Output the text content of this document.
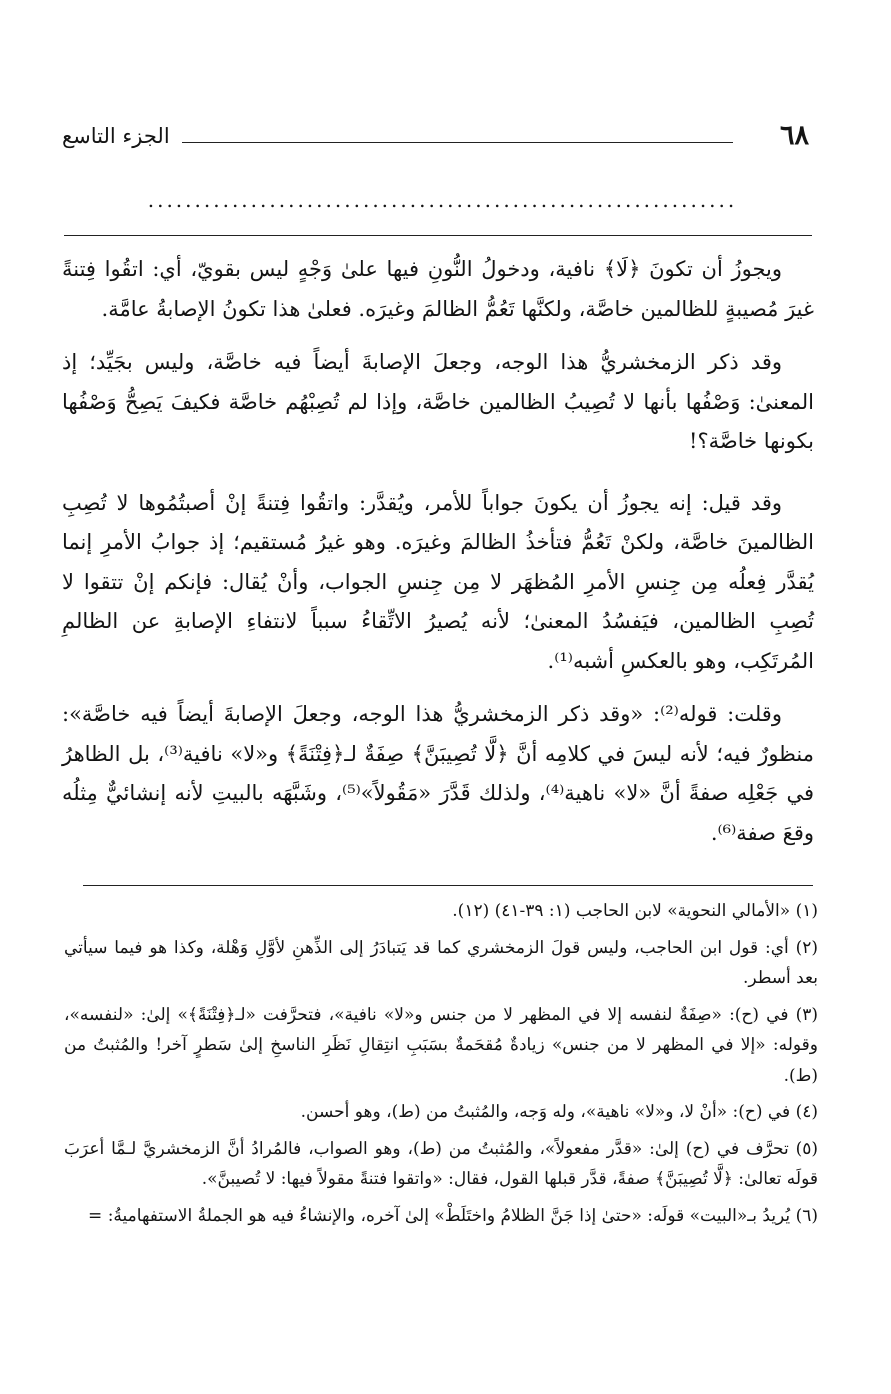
٦٨
الجزء التاسع
...............................................................

ويجوزُ أن تكونَ ﴿لَا﴾ نافية، ودخولُ النُّونِ فيها علىٰ وَجْهٍ ليس بقويّ، أي: اتقُوا فِتنةً غيرَ مُصيبةٍ للظالمين خاصَّة، ولكنَّها تَعُمُّ الظالمَ وغيرَه. فعلىٰ هذا تكونُ الإصابةُ عامَّة.

وقد ذكر الزمخشريُّ هذا الوجه، وجعلَ الإصابةَ أيضاً فيه خاصَّة، وليس بجَيِّد؛ إذ المعنىٰ: وَصْفُها بأنها لا تُصِيبُ الظالمين خاصَّة، وإذا لم تُصِبْهُم خاصَّة فكيفَ يَصِحُّ وَصْفُها بكونها خاصَّة؟!

وقد قيل: إنه يجوزُ أن يكونَ جواباً للأمر، ويُقدَّر: واتقُوا فِتنةً إنْ أصبتُمُوها لا تُصِبِ الظالمينَ خاصَّة، ولكنْ تَعُمُّ فتأخذُ الظالمَ وغيرَه. وهو غيرُ مُستقيم؛ إذ جوابُ الأمرِ إنما يُقدَّر فِعلُه مِن جِنسِ الأمرِ المُظهَر لا مِن جِنسِ الجواب، وأنْ يُقال: فإنكم إنْ تتقوا لا تُصِبِ الظالمين، فيَفسُدُ المعنىٰ؛ لأنه يُصيرُ الاتِّقاءُ سبباً لانتفاءِ الإصابةِ عن الظالمِ المُرتَكِب، وهو بالعكسِ أشبه⁽¹⁾.

وقلت: قوله⁽²⁾: «وقد ذكر الزمخشريُّ هذا الوجه، وجعلَ الإصابةَ أيضاً فيه خاصَّة»: منظورٌ فيه؛ لأنه ليسَ في كلامِه أنَّ ﴿لَّا تُصِيبَنَّ﴾ صِفَةٌ لـ﴿فِتْنَةً﴾ و«لا» نافية⁽³⁾، بل الظاهرُ في جَعْلِه صفةً أنَّ «لا» ناهية⁽⁴⁾، ولذلك قَدَّرَ «مَقُولاً»⁽⁵⁾، وشَبَّهَه بالبيتِ لأنه إنشائيٌّ مِثلُه وقعَ صفة⁽⁶⁾.

(١) «الأمالي النحوية» لابن الحاجب (١: ٣٩-٤١) (١٢).

(٢) أي: قول ابن الحاجب، وليس قولَ الزمخشري كما قد يَتبادَرُ إلى الذِّهنِ لأوَّلِ وَهْلة، وكذا هو فيما سيأتي بعد أسطر.

(٣) في (ح): «صِفَةٌ لنفسه إلا في المظهر لا من جنس و«لا» نافية»، فتحرَّفت «لـ﴿فِتْنَةً﴾» إلىٰ: «لنفسه»، وقوله: «إلا في المظهر لا من جنس» زيادةٌ مُقحَمةٌ بسَبَبِ انتِقالِ نَظَرِ الناسخِ إلىٰ سَطرٍ آخر! والمُثبتُ من (ط).

(٤) في (ح): «أنْ لا، و«لا» ناهية»، وله وَجه، والمُثبتُ من (ط)، وهو أحسن.

(٥) تحرَّف في (ح) إلىٰ: «قدَّر مفعولاً»، والمُثبتُ من (ط)، وهو الصواب، فالمُرادُ أنَّ الزمخشريَّ لـمَّا أعرَبَ قولَه تعالىٰ: ﴿لَّا تُصِيبَنَّ﴾ صفةً، قدَّر قبلها القول، فقال: «واتقوا فتنةً مقولاً فيها: لا تُصيبنَّ».

(٦) يُريدُ بـ«البيت» قولَه: «حتىٰ إذا جَنَّ الظلامُ واختَلَطْ» إلىٰ آخره، والإنشاءُ فيه هو الجملةُ الاستفهاميةُ: =
